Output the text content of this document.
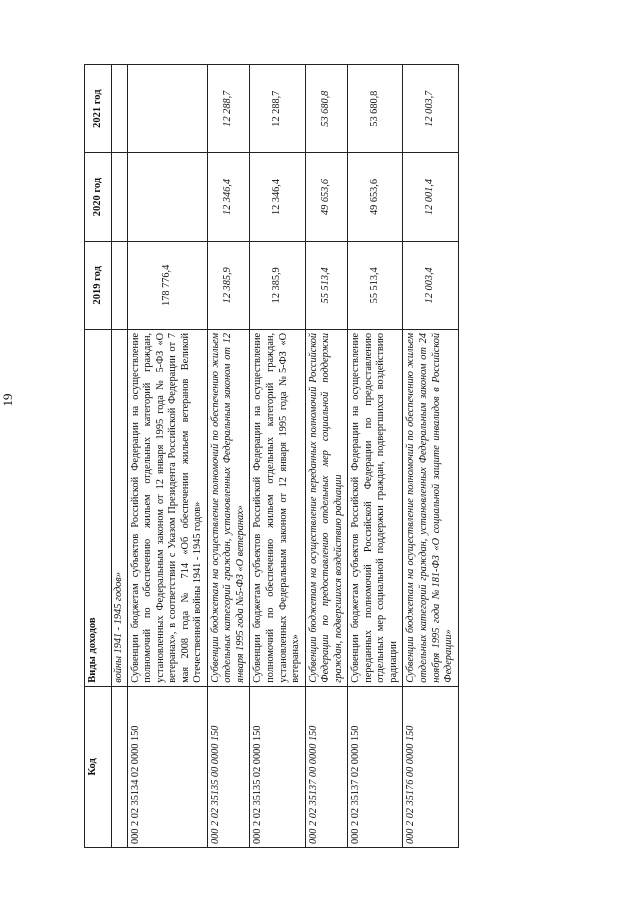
19
Код	Виды доходов	2019 год	2020 год	2021 год
	войны 1941 - 1945 годов»			
000 2 02 35134 02 0000 150	Субвенции бюджетам субъектов Российской Федерации на осуществление полномочий по обеспечению жильем отдельных категорий граждан, установленных Федеральным законом от 12 января 1995 года № 5-ФЗ «О ветеранах», в соответствии с Указом Президента Российской Федерации от 7 мая 2008 года № 714 «Об обеспечении жильем ветеранов Великой Отечественной войны 1941 - 1945 годов»	178 776,4		
000 2 02 35135 00 0000 150	Субвенции бюджетам на осуществление полномочий по обеспечению жильем отдельных категорий граждан, установленных Федеральным законом от 12 января 1995 года №5-ФЗ «О ветеранах»	12 385,9	12 346,4	12 288,7
000 2 02 35135 02 0000 150	Субвенции бюджетам субъектов Российской Федерации на осуществление полномочий по обеспечению жильем отдельных категорий граждан, установленных Федеральным законом от 12 января 1995 года №5-ФЗ «О ветеранах»	12 385,9	12 346,4	12 288,7
000 2 02 35137 00 0000 150	Субвенции бюджетам на осуществление переданных полномочий Российской Федерации по предоставлению отдельных мер социальной поддержки граждан, подвергшихся воздействию радиации	55 513,4	49 653,6	53 680,8
000 2 02 35137 02 0000 150	Субвенции бюджетам субъектов Российской Федерации на осуществление переданных полномочий Российской Федерации по предоставлению отдельных мер социальной поддержки граждан, подвергшихся воздействию радиации	55 513,4	49 653,6	53 680,8
000 2 02 35176 00 0000 150	Субвенции бюджетам на осуществление полномочий по обеспечению жильем отдельных категорий граждан, установленных Федеральным законом от 24 ноября 1995 года №181-ФЗ «О социальной защите инвалидов в Российской Федерации»	12 003,4	12 001,4	12 003,7
